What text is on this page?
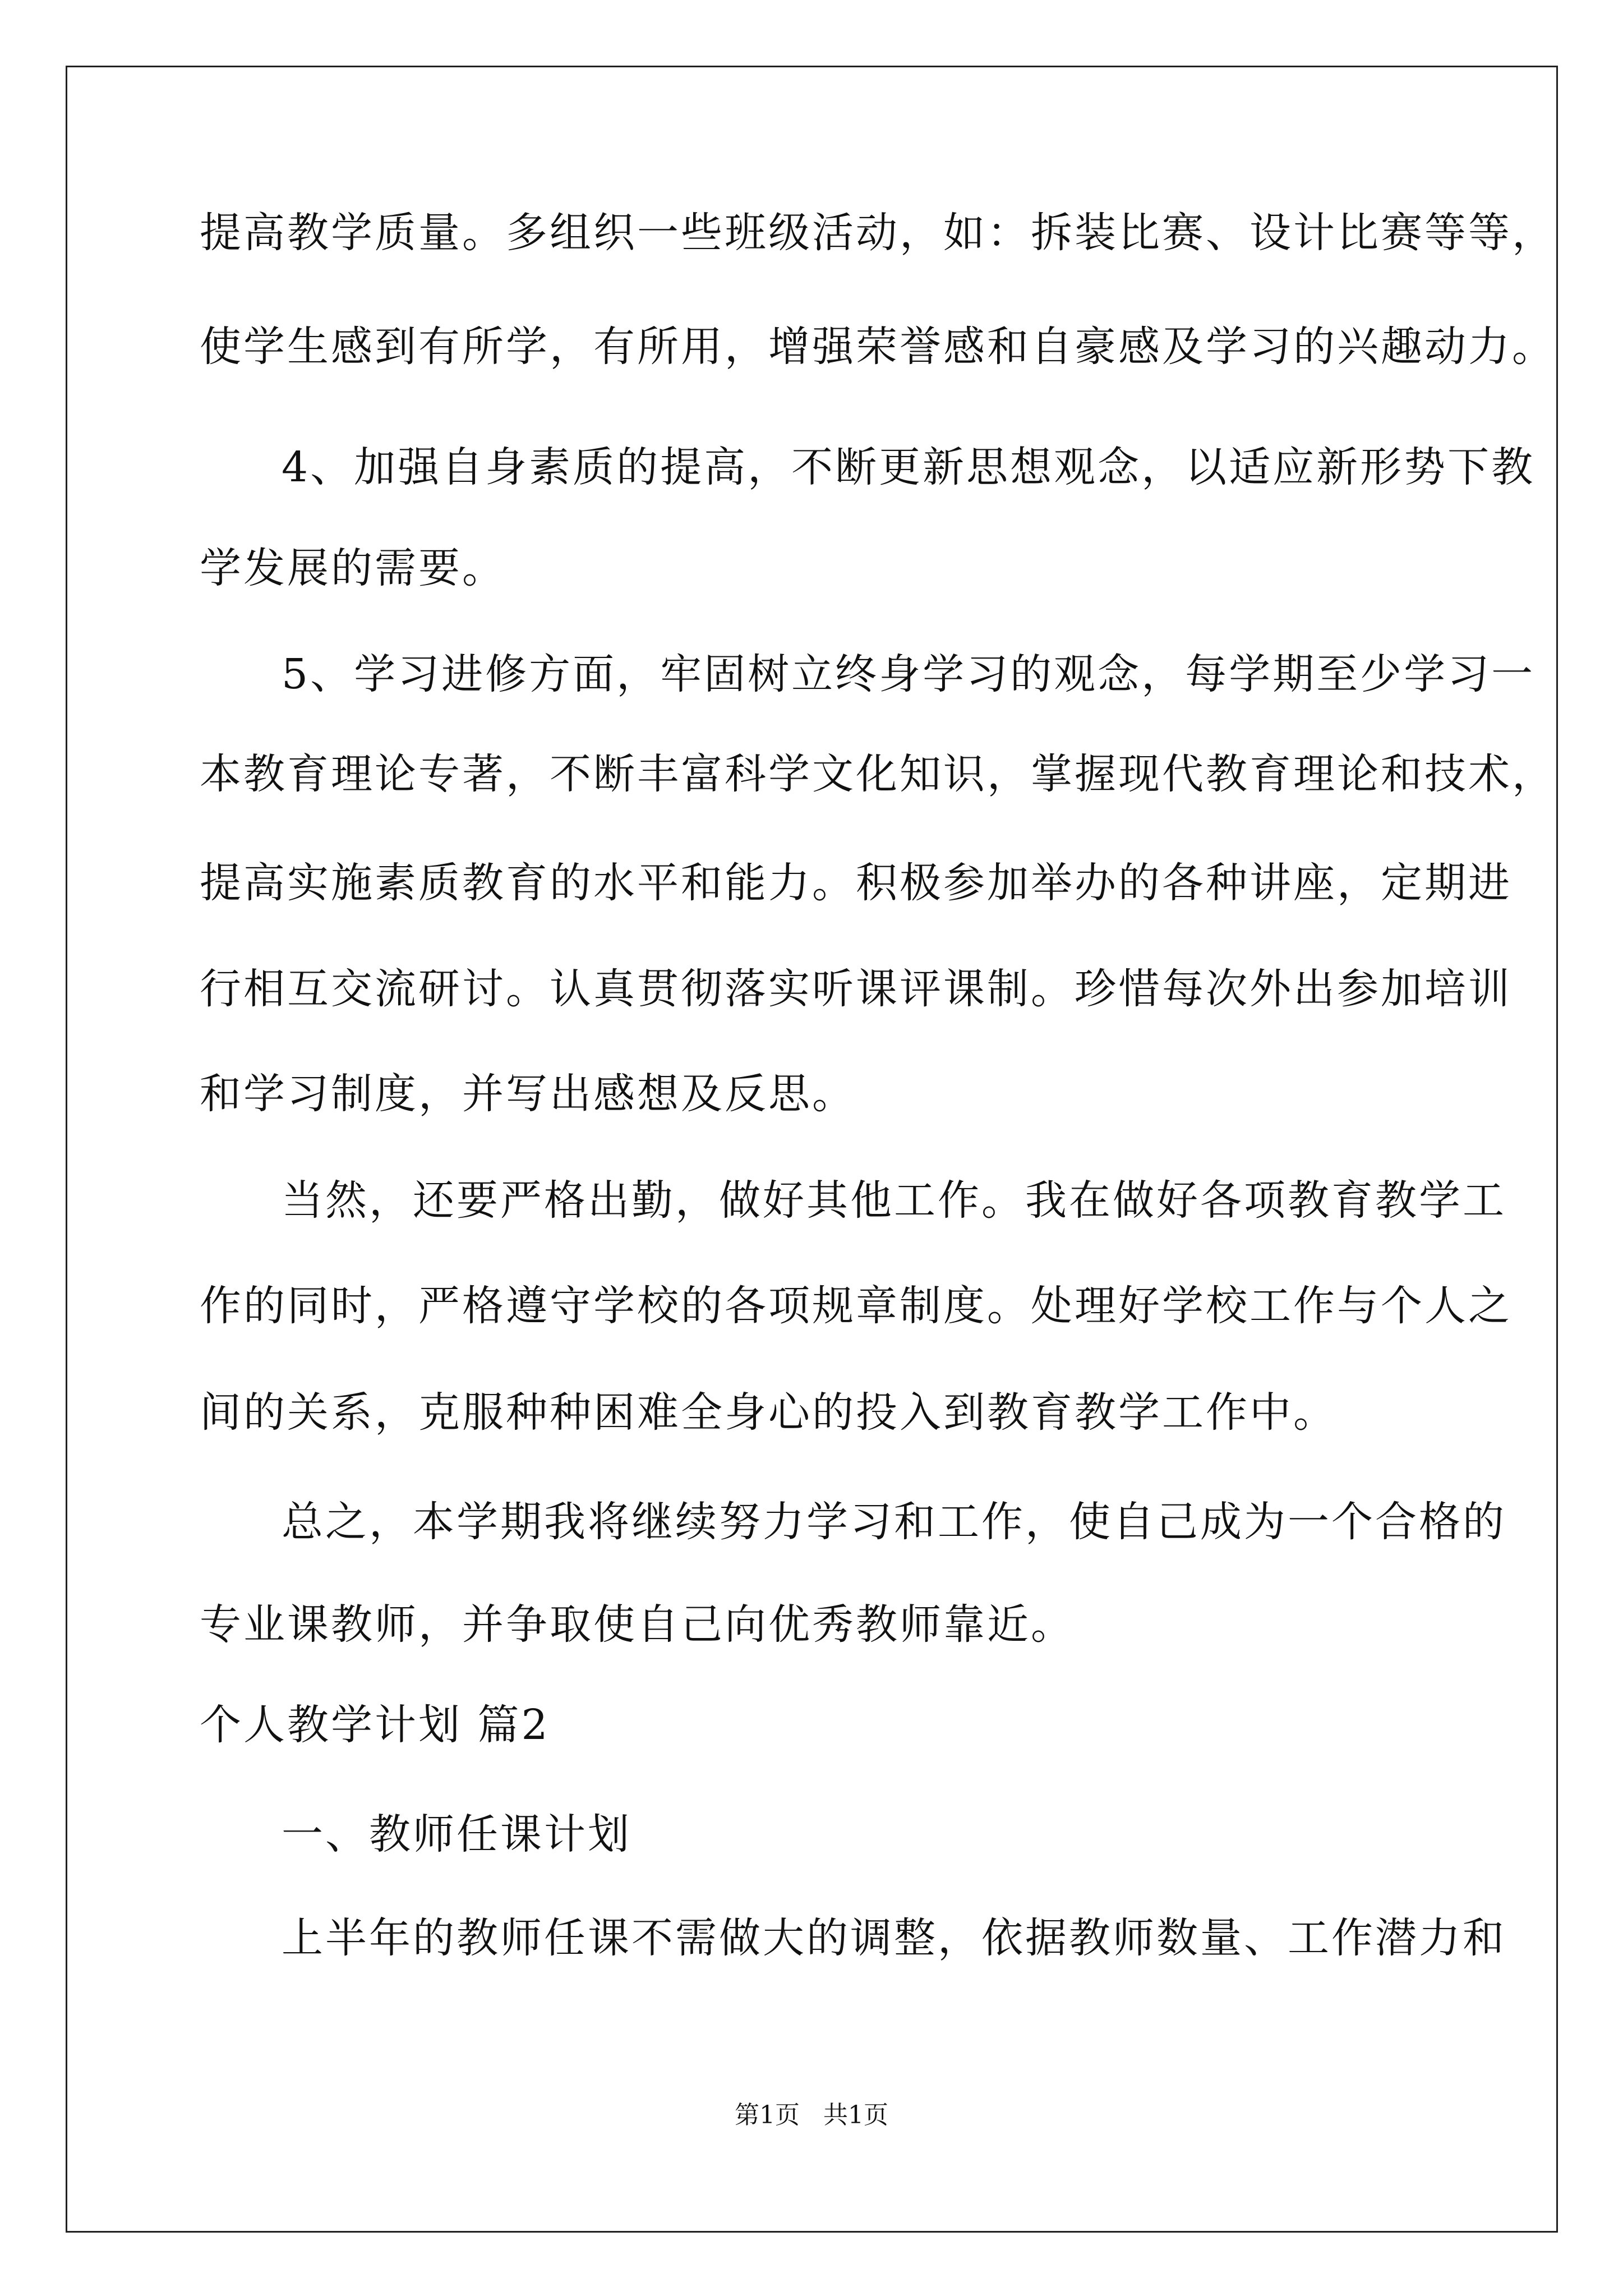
提高教学质量。多组织一些班级活动，如：拆装比赛、设计比赛等等，
使学生感到有所学，有所用，增强荣誉感和自豪感及学习的兴趣动力。
4、加强自身素质的提高，不断更新思想观念，以适应新形势下教
学发展的需要。
5、学习进修方面，牢固树立终身学习的观念，每学期至少学习一
本教育理论专著，不断丰富科学文化知识，掌握现代教育理论和技术，
提高实施素质教育的水平和能力。积极参加举办的各种讲座，定期进
行相互交流研讨。认真贯彻落实听课评课制。珍惜每次外出参加培训
和学习制度，并写出感想及反思。
当然，还要严格出勤，做好其他工作。我在做好各项教育教学工
作的同时，严格遵守学校的各项规章制度。处理好学校工作与个人之
间的关系，克服种种困难全身心的投入到教育教学工作中。
总之，本学期我将继续努力学习和工作，使自己成为一个合格的
专业课教师，并争取使自己向优秀教师靠近。
个人教学计划 篇2
一、教师任课计划
上半年的教师任课不需做大的调整，依据教师数量、工作潜力和
第1页   共1页
